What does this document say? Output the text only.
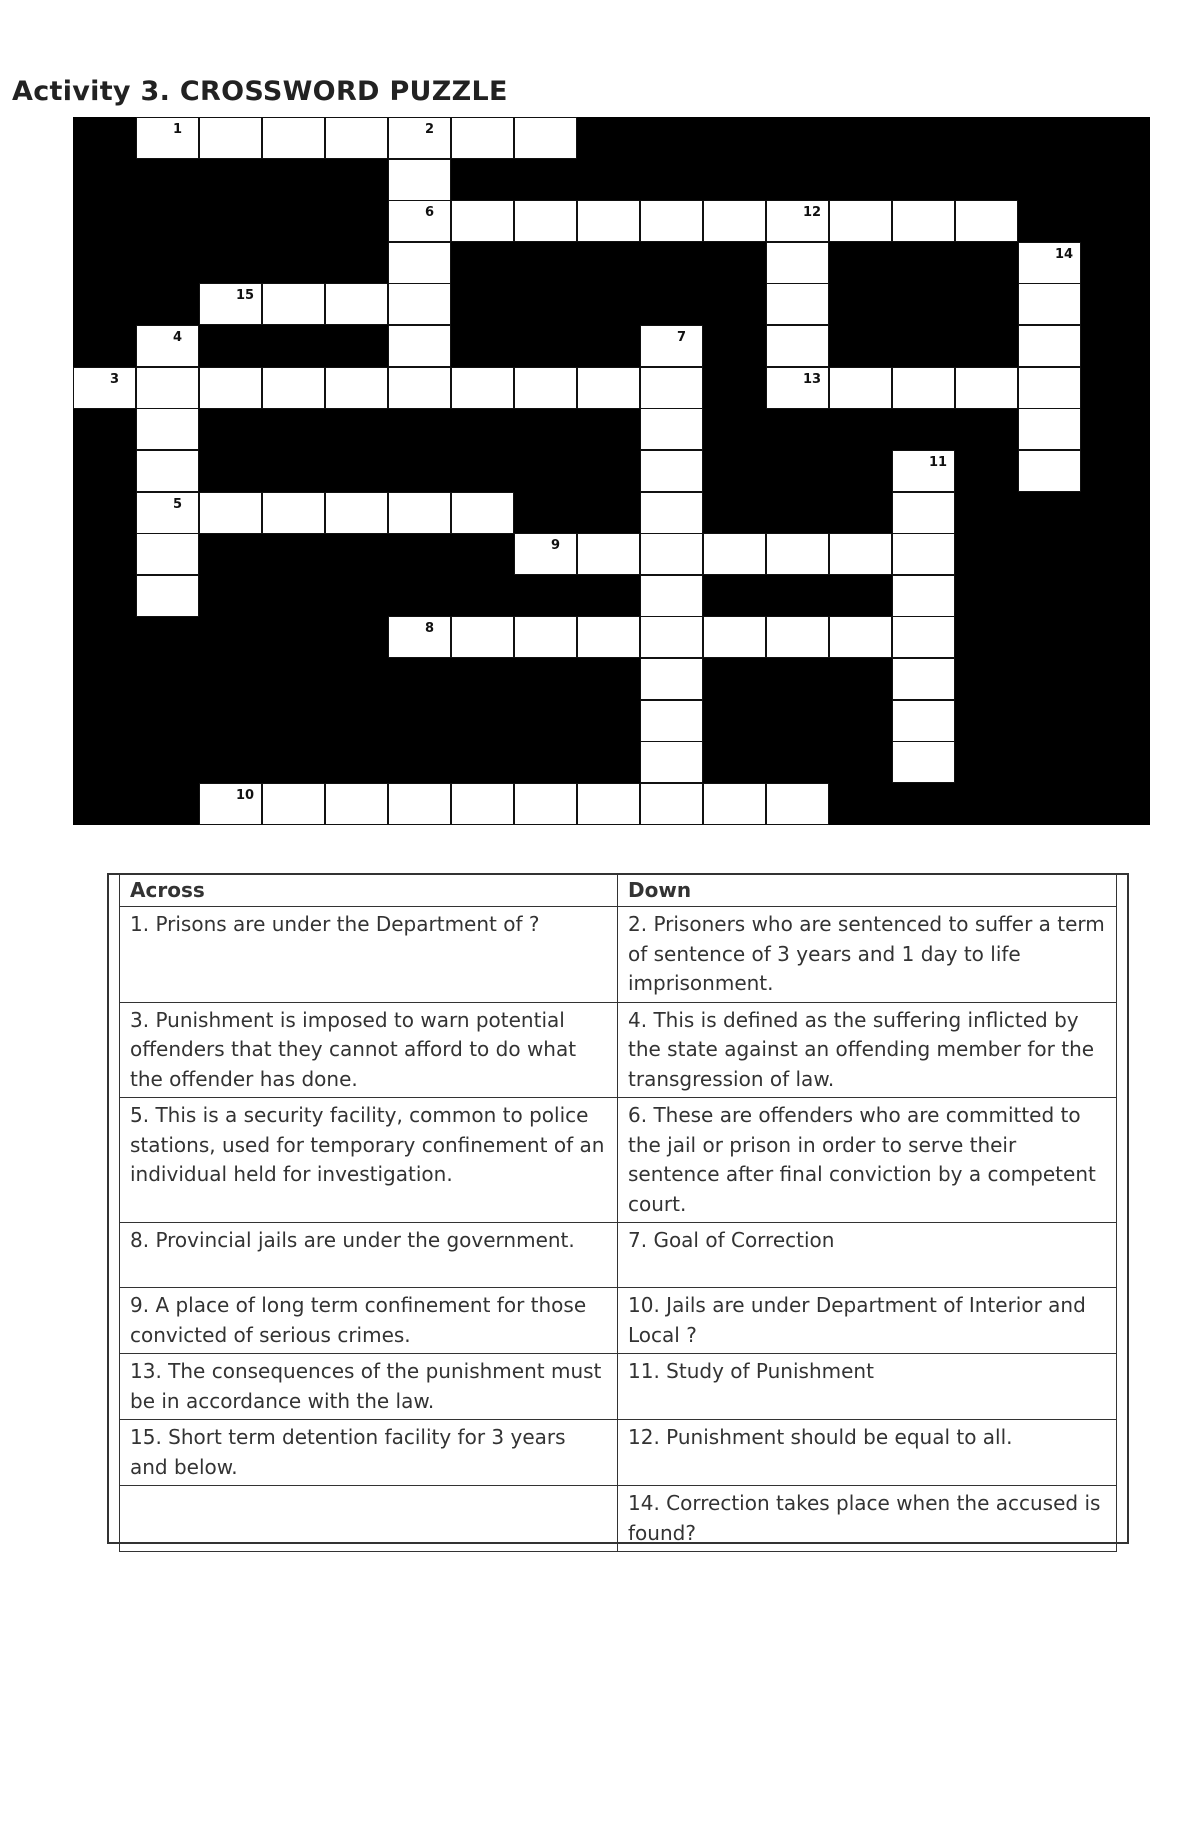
Activity 3. CROSSWORD PUZZLE
1	2
6	12
15
13
14
3
4
5
7
11
9
8
10
Across	Down
1. Prisons are under the Department of ?	2. Prisoners who are sentenced to suffer a term of sentence of 3 years and 1 day to life imprisonment.
3. Punishment is imposed to warn potential offenders that they cannot afford to do what the offender has done.	4. This is defined as the suffering inflicted by the state against an offending member for the transgression of law.
5. This is a security facility, common to police stations, used for temporary confinement of an individual held for investigation.	6. These are offenders who are committed to the jail or prison in order to serve their sentence after final conviction by a competent court.
8. Provincial jails are under the government.	7. Goal of Correction
9. A place of long term confinement for those convicted of serious crimes.	10. Jails are under Department of Interior and Local ?
13. The consequences of the punishment must be in accordance with the law.	11. Study of Punishment
15. Short term detention facility for 3 years and below.	12. Punishment should be equal to all.
	14. Correction takes place when the accused is found?
